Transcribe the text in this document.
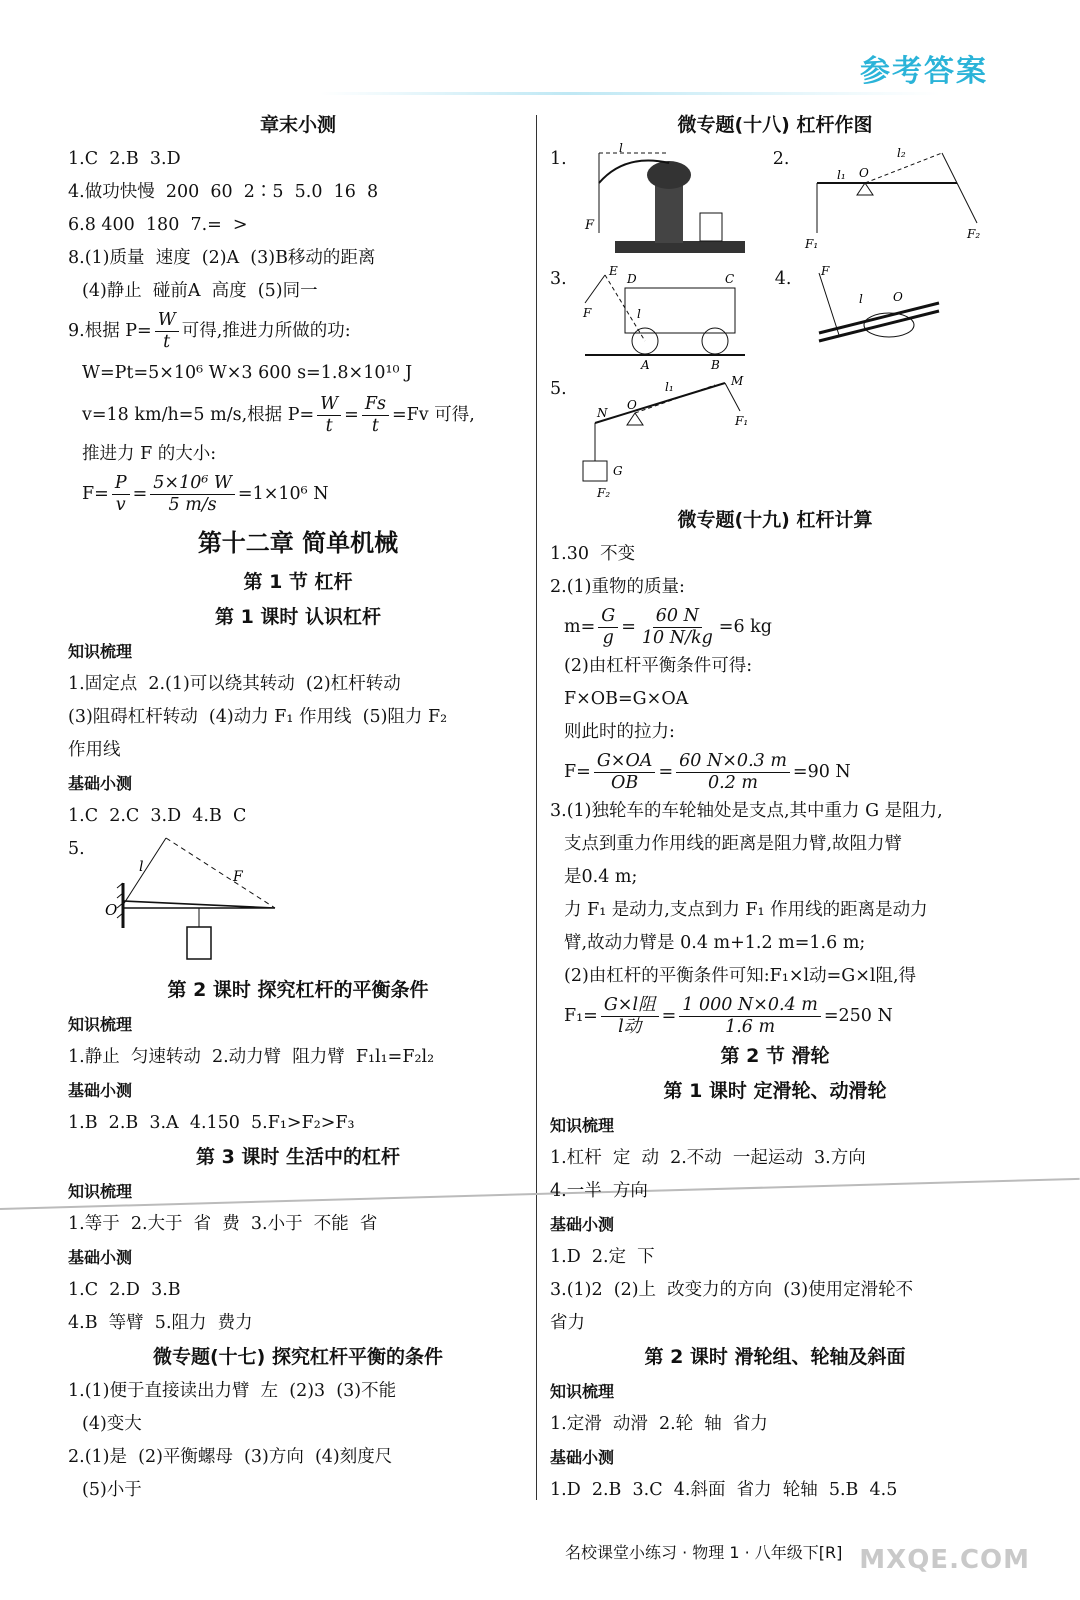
参考答案
章末小测
1.C  2.B  3.D
4.做功快慢  200  60  2∶5  5.0  16  8
6.8 400  180  7.=  >
8.(1)质量  速度  (2)A  (3)B移动的距离
(4)静止  碰前A  高度  (5)同一
9.根据 $P= \frac{W}{t}$ 可得,推进力所做的功:
W=Pt=5×10⁶ W×3 600 s=1.8×10¹⁰ J
v=18 km/h=5 m/s,根据 $P= \frac{W}{t} = \frac{Fs}{t} =Fv$ 可得,
推进力 F 的大小:
$F= \frac{P}{v} = \frac{\text{5×10⁶ W}}{5 m/s} =1\times 10^6$ N
第十二章 简单机械
第 1 节 杠杆
第 1 课时 认识杠杆
知识梳理
1.固定点  2.(1)可以绕其转动  (2)杠杆转动
(3)阻碍杠杆转动  (4)动力 F₁ 作用线  (5)阻力 F₂
作用线
基础小测
1.C  2.C  3.D  4.B  C
5.
l
F
O
第 2 课时 探究杠杆的平衡条件
知识梳理
1.静止  匀速转动  2.动力臂  阻力臂  F₁l₁=F₂l₂
基础小测
1.B  2.B  3.A  4.150  5.F₁>F₂>F₃
第 3 课时 生活中的杠杆
知识梳理
1.等于  2.大于  省  费  3.小于  不能  省
基础小测
1.C  2.D  3.B
4.B  等臂  5.阻力  费力
微专题(十七) 探究杠杆平衡的条件
1.(1)便于直接读出力臂  左  (2)3  (3)不能
(4)变大
2.(1)是  (2)平衡螺母  (3)方向  (4)刻度尺
(5)小于
微专题(十八) 杠杆作图
1.
l
F
2.
l₁
l₂
O
F₁
F₂
3.	E
D	C
l
F
A	B
4.	F
l	O
5.
N
O
l₁	M
F₁
G
F₂
微专题(十九) 杠杆计算
1.30  不变
2.(1)重物的质量:
$m= \frac{G}{g} = \frac{60 N}{10 N/kg} =6$ kg
(2)由杠杆平衡条件可得:
F×OB=G×OA
则此时的拉力:
$F= \frac{G\times OA}{OB} = \frac{60 N\times 0.3 m}{0.2 m} =90$ N
3.(1)独轮车的车轮轴处是支点,其中重力 G 是阻力,
支点到重力作用线的距离是阻力臂,故阻力臂
是0.4 m;
力 F₁ 是动力,支点到力 F₁ 作用线的距离是动力
臂,故动力臂是 0.4 m+1.2 m=1.6 m;
(2)由杠杆的平衡条件可知:F₁×l动=G×l阻,得
$F_1= \frac{\text{G×l阻}}{\text{l动}} = \frac{1 000 N\times 0.4 m}{1.6 m} =250$ N
第 2 节 滑轮
第 1 课时 定滑轮、动滑轮
知识梳理
1.杠杆  定  动  2.不动  一起运动  3.方向
4.一半  方向
基础小测
1.D  2.定  下
3.(1)2  (2)上  改变力的方向  (3)使用定滑轮不
省力
第 2 课时 滑轮组、轮轴及斜面
知识梳理
1.定滑  动滑  2.轮  轴  省力
基础小测
1.D  2.B  3.C  4.斜面  省力  轮轴  5.B  4.5
名校课堂小练习 · 物理 1 · 八年级下[R] MXQE.COM
